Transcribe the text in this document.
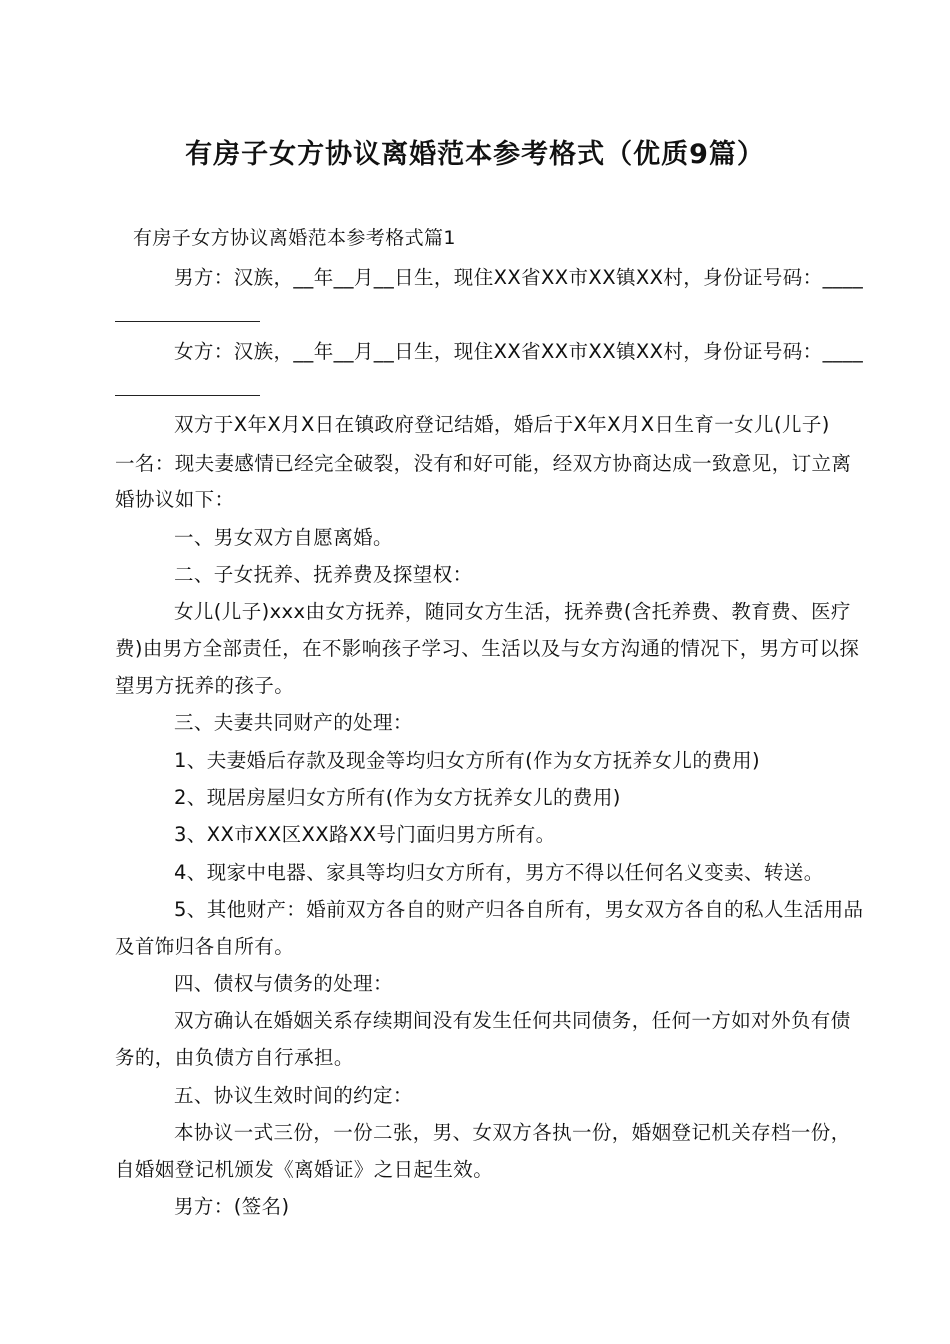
有房子女方协议离婚范本参考格式（优质9篇）
有房子女方协议离婚范本参考格式篇1
男方：汉族，__年__月__日生，现住XX省XX市XX镇XX村，身份证号码：____
女方：汉族，__年__月__日生，现住XX省XX市XX镇XX村，身份证号码：____
双方于X年X月X日在镇政府登记结婚，婚后于X年X月X日生育一女儿(儿子)
一名：现夫妻感情已经完全破裂，没有和好可能，经双方协商达成一致意见，订立离
婚协议如下：
一、男女双方自愿离婚。
二、子女抚养、抚养费及探望权：
女儿(儿子)xxx由女方抚养，随同女方生活，抚养费(含托养费、教育费、医疗
费)由男方全部责任，在不影响孩子学习、生活以及与女方沟通的情况下，男方可以探
望男方抚养的孩子。
三、夫妻共同财产的处理：
1、夫妻婚后存款及现金等均归女方所有(作为女方抚养女儿的费用)
2、现居房屋归女方所有(作为女方抚养女儿的费用)
3、XX市XX区XX路XX号门面归男方所有。
4、现家中电器、家具等均归女方所有，男方不得以任何名义变卖、转送。
5、其他财产：婚前双方各自的财产归各自所有，男女双方各自的私人生活用品
及首饰归各自所有。
四、债权与债务的处理：
双方确认在婚姻关系存续期间没有发生任何共同债务，任何一方如对外负有债
务的，由负债方自行承担。
五、协议生效时间的约定：
本协议一式三份，一份二张，男、女双方各执一份，婚姻登记机关存档一份，
自婚姻登记机颁发《离婚证》之日起生效。
男方：(签名)
